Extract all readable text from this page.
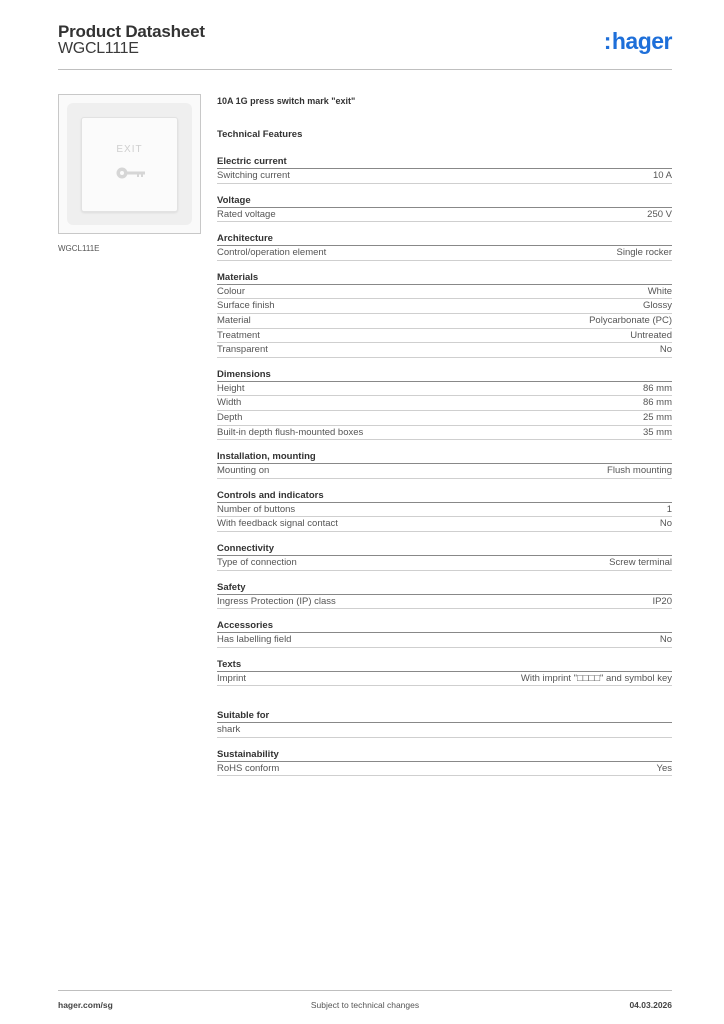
Product Datasheet
WGCL111E	:hager
EXIT
WGCL111E
10A 1G press switch mark "exit"
Technical Features
Electric current
Switching current	10 A
Voltage
Rated voltage	250 V
Architecture
Control/operation element	Single rocker
Materials
Colour	White
Surface finish	Glossy
Material	Polycarbonate (PC)
Treatment	Untreated
Transparent	No
Dimensions
Height	86 mm
Width	86 mm
Depth	25 mm
Built-in depth flush-mounted boxes	35 mm
Installation, mounting
Mounting on	Flush mounting
Controls and indicators
Number of buttons	1
With feedback signal contact	No
Connectivity
Type of connection	Screw terminal
Safety
Ingress Protection (IP) class	IP20
Accessories
Has labelling field	No
Texts
Imprint	With imprint "□□□□" and symbol key
Suitable for
shark
Sustainability
RoHS conform	Yes
hager.com/sg	Subject to technical changes	04.03.2026
